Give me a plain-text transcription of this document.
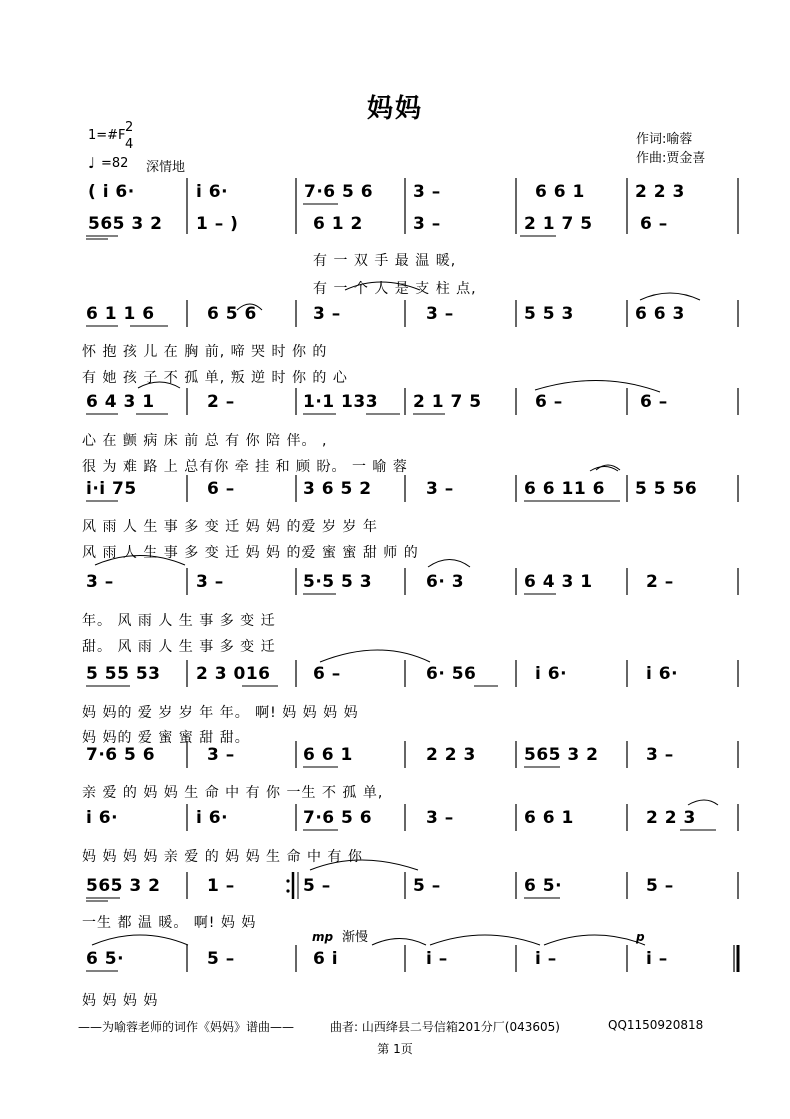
妈妈
1=#F
2
4
♩ =82 深情地
作词:喻蓉
作曲:贾金喜
( i 6·	i 6·	7·6 5 6 3 –	6 6 1	2 2 3
565 3 2 1 – )	6 1 2	3 –	2 1 7 5	6 –
有 一 双 手 最 温 暖,
有 一 个 人 是 支 柱 点,
6 1 1 6	6 5 6	3 –	3 –	5 5 3	6 6 3
怀 抱 孩 儿 在 胸 前, 啼 哭 时 你 的
有 她 孩 子 不 孤 单, 叛 逆 时 你 的 心
6 4 3 1	2 –	1·1 133 2 1 7 5	6 –	6 –
心 在 颤 病 床 前 总 有 你 陪 伴。 ,
很 为 难 路 上 总有你 牵 挂 和 顾 盼。 一 喻 蓉
i·i 75	6 –	3 6 5 2	3 –	6 6 11 6 5 5 56
风 雨 人 生 事 多 变 迁 妈 妈 的爱 岁 岁 年
风 雨 人 生 事 多 变 迁 妈 妈 的爱 蜜 蜜 甜 师 的
3 –	3 –	5·5 5 3	6· 3	6 4 3 1	2 –
年。 风 雨 人 生 事 多 变 迁
甜。 风 雨 人 生 事 多 变 迁
5 55 53 2 3 016	6 –	6· 56	i 6·	i 6·
妈 妈的 爱 岁 岁 年 年。 啊! 妈 妈 妈 妈
妈 妈的 爱 蜜 蜜 甜 甜。
7·6 5 6	3 –	6 6 1	2 2 3	565 3 2	3 –
亲 爱 的 妈 妈 生 命 中 有 你 一生 不 孤 单,
i 6·	i 6·	7·6 5 6	3 –	6 6 1	2 2 3
妈 妈 妈 妈 亲 爱 的 妈 妈 生 命 中 有 你
565 3 2	1 –	5 –	5 –	6 5·	5 –
一生 都 温 暖。 啊! 妈 妈
mp 渐慢	p
6 5·	5 –	6 i	i –	i –	i –
妈 妈 妈 妈
——为喻蓉老师的词作《妈妈》谱曲——	曲者: 山西绛县二号信箱201分厂(043605)	QQ1150920818
第 1页
